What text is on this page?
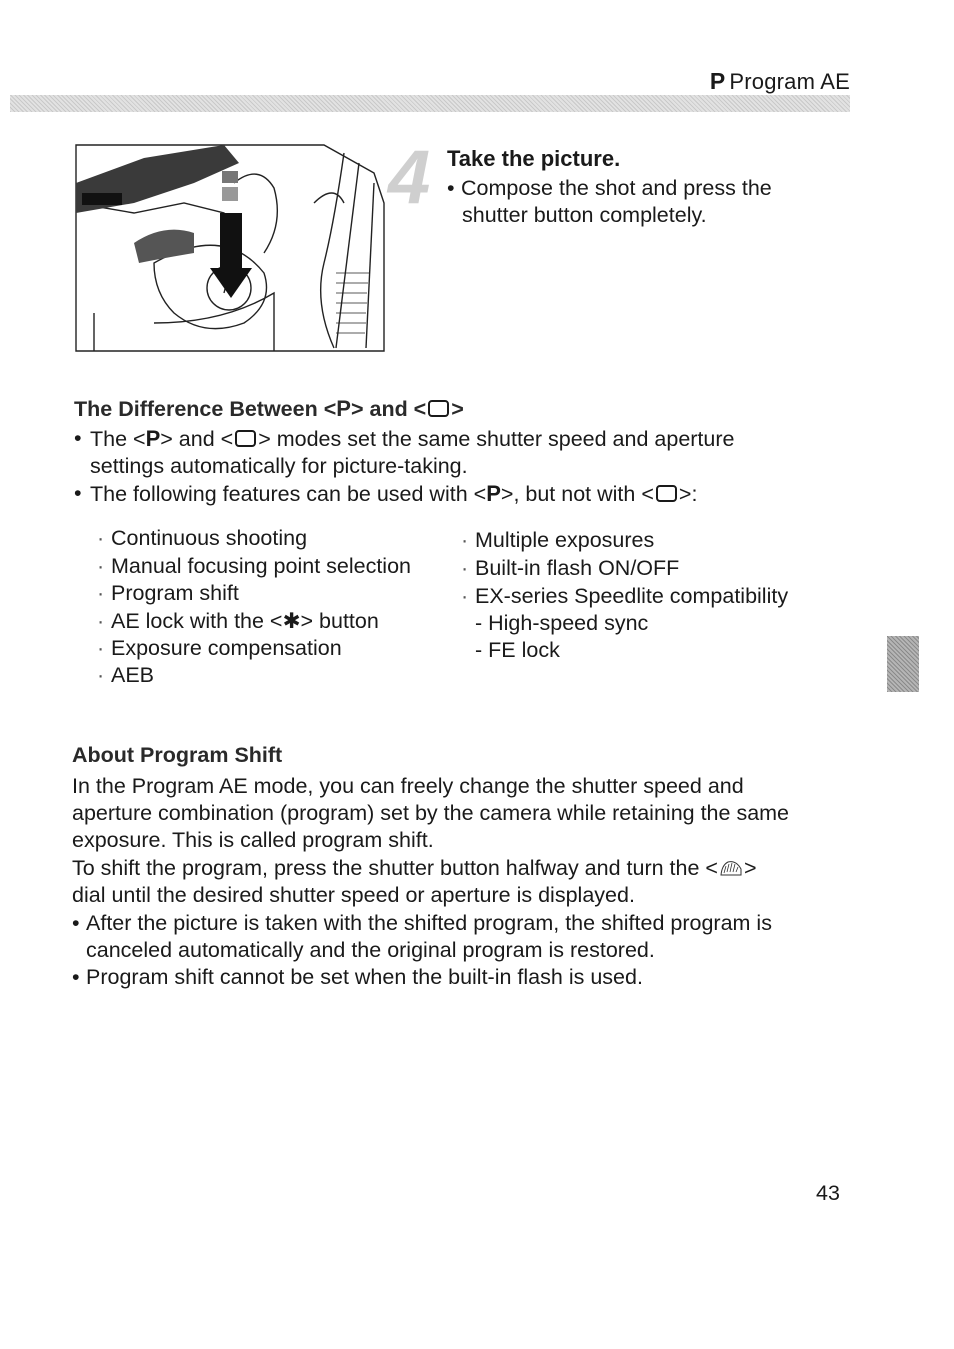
P Program AE
4 Take the picture.
• Compose the shot and press the
shutter button completely.
The Difference Between <P> and < >
• The <P> and < > modes set the same shutter speed and aperture
settings automatically for picture-taking.
• The following features can be used with <P>, but not with < >:
· Continuous shooting
· Manual focusing point selection
· Program shift
· AE lock with the <✱> button
· Exposure compensation
· AEB
· Multiple exposures
· Built-in flash ON/OFF
· EX-series Speedlite compatibility
- High-speed sync
- FE lock
About Program Shift
In the Program AE mode, you can freely change the shutter speed and
aperture combination (program) set by the camera while retaining the same
exposure. This is called program shift.
To shift the program, press the shutter button halfway and turn the < >
dial until the desired shutter speed or aperture is displayed.
• After the picture is taken with the shifted program, the shifted program is
canceled automatically and the original program is restored.
• Program shift cannot be set when the built-in flash is used.
43
